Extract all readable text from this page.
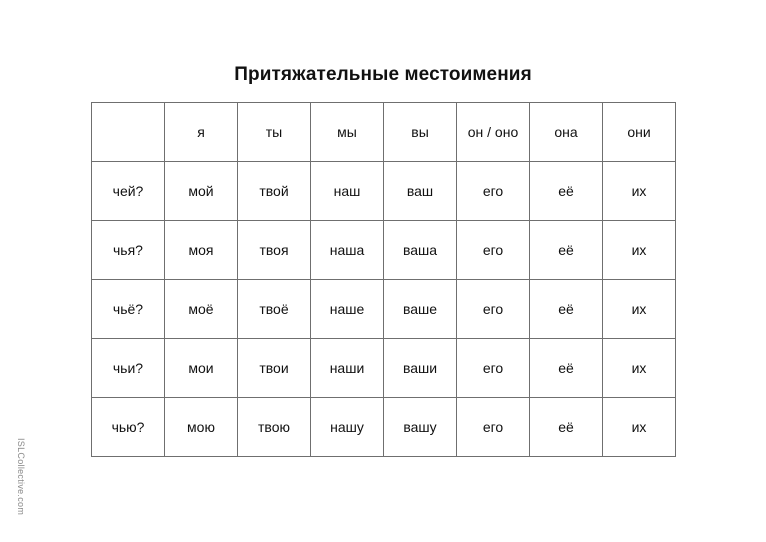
Притяжательные местоимения
	я	ты	мы	вы	он / оно	она	они
чей?	мой	твой	наш	ваш	его	её	их
чья?	моя	твоя	наша	ваша	его	её	их
чьё?	моё	твоё	наше	ваше	его	её	их
чьи?	мои	твои	наши	ваши	его	её	их
чью?	мою	твою	нашу	вашу	его	её	их
ISLCollective.com
